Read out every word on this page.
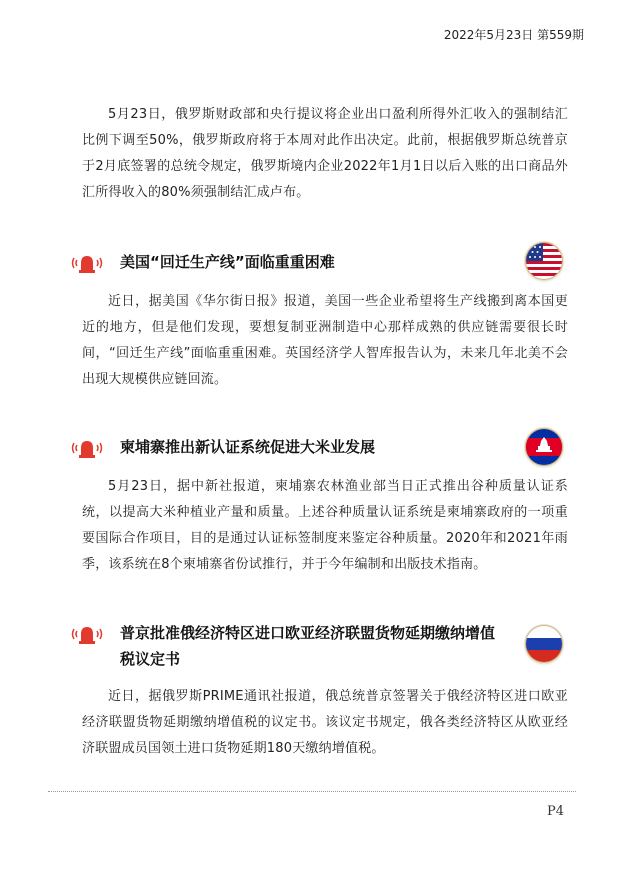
2022年5月23日 第559期

5月23日，俄罗斯财政部和央行提议将企业出口盈利所得外汇收入的强制结汇比例下调至50%，俄罗斯政府将于本周对此作出决定。此前，根据俄罗斯总统普京于2月底签署的总统令规定，俄罗斯境内企业2022年1月1日以后入账的出口商品外汇所得收入的80%须强制结汇成卢布。

美国“回迁生产线”面临重重困难

近日，据美国《华尔街日报》报道，美国一些企业希望将生产线搬到离本国更近的地方，但是他们发现，要想复制亚洲制造中心那样成熟的供应链需要很长时间，“回迁生产线”面临重重困难。英国经济学人智库报告认为，未来几年北美不会出现大规模供应链回流。

柬埔寨推出新认证系统促进大米业发展

5月23日，据中新社报道，柬埔寨农林渔业部当日正式推出谷种质量认证系统，以提高大米种植业产量和质量。上述谷种质量认证系统是柬埔寨政府的一项重要国际合作项目，目的是通过认证标签制度来鉴定谷种质量。2020年和2021年雨季，该系统在8个柬埔寨省份试推行，并于今年编制和出版技术指南。

普京批准俄经济特区进口欧亚经济联盟货物延期缴纳增值税议定书

近日，据俄罗斯PRIME通讯社报道，俄总统普京签署关于俄经济特区进口欧亚经济联盟货物延期缴纳增值税的议定书。该议定书规定，俄各类经济特区从欧亚经济联盟成员国领土进口货物延期180天缴纳增值税。

P4
